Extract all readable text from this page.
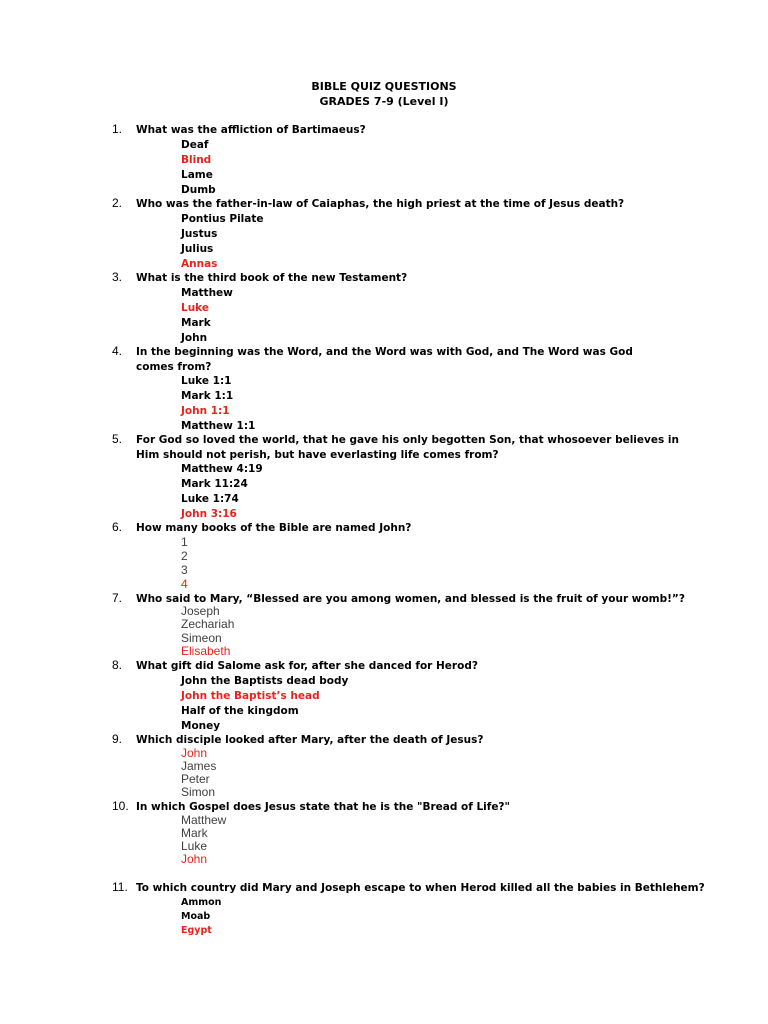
BIBLE QUIZ QUESTIONS
GRADES 7-9 (Level I)
1.	What was the affliction of Bartimaeus?
Deaf
Blind
Lame
Dumb
2.	Who was the father-in-law of Caiaphas, the high priest at the time of Jesus death?
Pontius Pilate
Justus
Julius
Annas
3.	What is the third book of the new Testament?
Matthew
Luke
Mark
John
4.	In the beginning was the Word, and the Word was with God, and The Word was God comes from?
Luke 1:1
Mark 1:1
John 1:1
Matthew 1:1
5.	For God so loved the world, that he gave his only begotten Son, that whosoever believes in Him should not perish, but have everlasting life comes from?
Matthew 4:19
Mark 11:24
Luke 1:74
John 3:16
6.	How many books of the Bible are named John?
1
2
3
4
7.	Who said to Mary, “Blessed are you among women, and blessed is the fruit of your womb!”?
Joseph
Zechariah
Simeon
Elisabeth
8.	What gift did Salome ask for, after she danced for Herod?
John the Baptists dead body
John the Baptist’s head
Half of the kingdom
Money
9.	Which disciple looked after Mary, after the death of Jesus?
John
James
Peter
Simon
10. In which Gospel does Jesus state that he is the "Bread of Life?"
Matthew
Mark
Luke
John
11. To which country did Mary and Joseph escape to when Herod killed all the babies in Bethlehem?
Ammon
Moab
Egypt
